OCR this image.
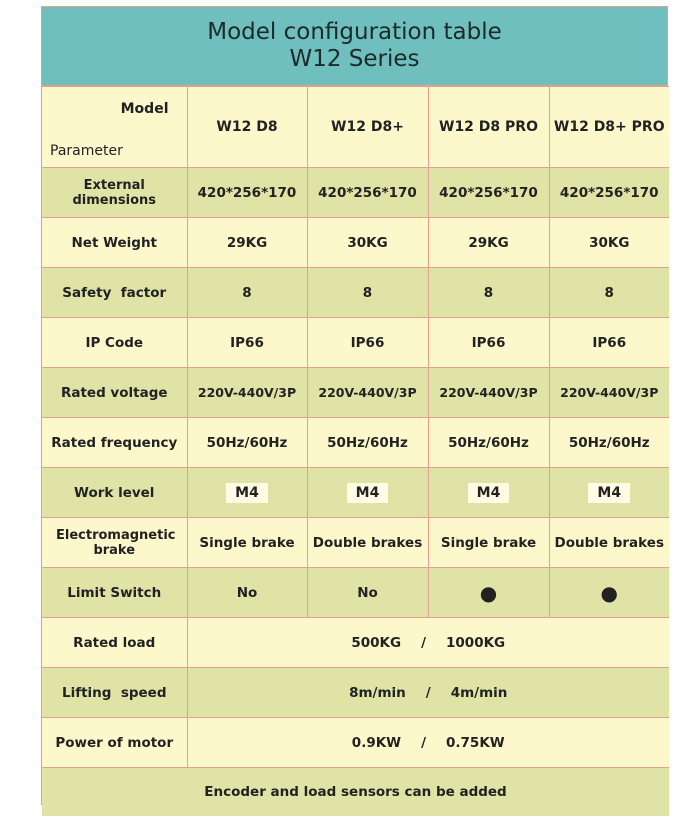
Model configuration table
W12 Series
Model
Parameter	W12 D8	W12 D8+	W12 D8 PRO	W12 D8+ PRO
External dimensions	420*256*170	420*256*170	420*256*170	420*256*170
Net Weight	29KG	30KG	29KG	30KG
Safety  factor	8	8	8	8
IP Code	IP66	IP66	IP66	IP66
Rated voltage	220V-440V/3P	220V-440V/3P	220V-440V/3P	220V-440V/3P
Rated frequency	50Hz/60Hz	50Hz/60Hz	50Hz/60Hz	50Hz/60Hz
Work level	M4	M4	M4	M4
Electromagnetic brake	Single brake	Double brakes	Single brake	Double brakes
Limit Switch	No	No	●	●
Rated load	500KG / 1000KG			
Lifting  speed	8m/min / 4m/min			
Power of motor	0.9KW / 0.75KW			
Encoder and load sensors can be added				
